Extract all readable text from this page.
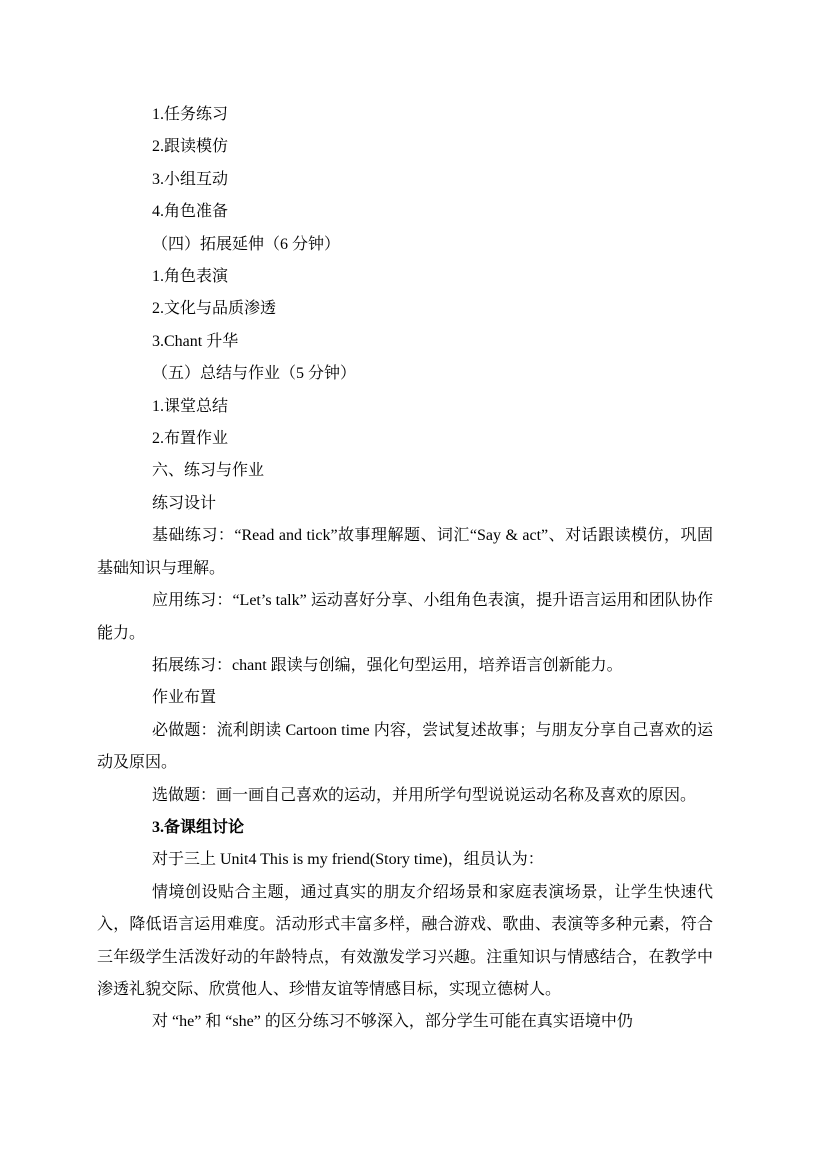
1.任务练习

2.跟读模仿

3.小组互动

4.角色准备

（四）拓展延伸（6 分钟）

1.角色表演

2.文化与品质渗透

3.Chant 升华

（五）总结与作业（5 分钟）

1.课堂总结

2.布置作业

六、练习与作业

练习设计

基础练习：“Read and tick”故事理解题、词汇“Say & act”、对话跟读模仿，巩固基础知识与理解。

应用练习：“Let’s talk” 运动喜好分享、小组角色表演，提升语言运用和团队协作能力。

拓展练习：chant 跟读与创编，强化句型运用，培养语言创新能力。

作业布置

必做题：流利朗读 Cartoon time 内容，尝试复述故事；与朋友分享自己喜欢的运动及原因。

选做题：画一画自己喜欢的运动，并用所学句型说说运动名称及喜欢的原因。

3.备课组讨论

对于三上 Unit4 This is my friend(Story time)，组员认为：

情境创设贴合主题，通过真实的朋友介绍场景和家庭表演场景，让学生快速代入，降低语言运用难度。活动形式丰富多样，融合游戏、歌曲、表演等多种元素，符合三年级学生活泼好动的年龄特点，有效激发学习兴趣。注重知识与情感结合，在教学中渗透礼貌交际、欣赏他人、珍惜友谊等情感目标，实现立德树人。

对 “he” 和 “she” 的区分练习不够深入，部分学生可能在真实语境中仍
